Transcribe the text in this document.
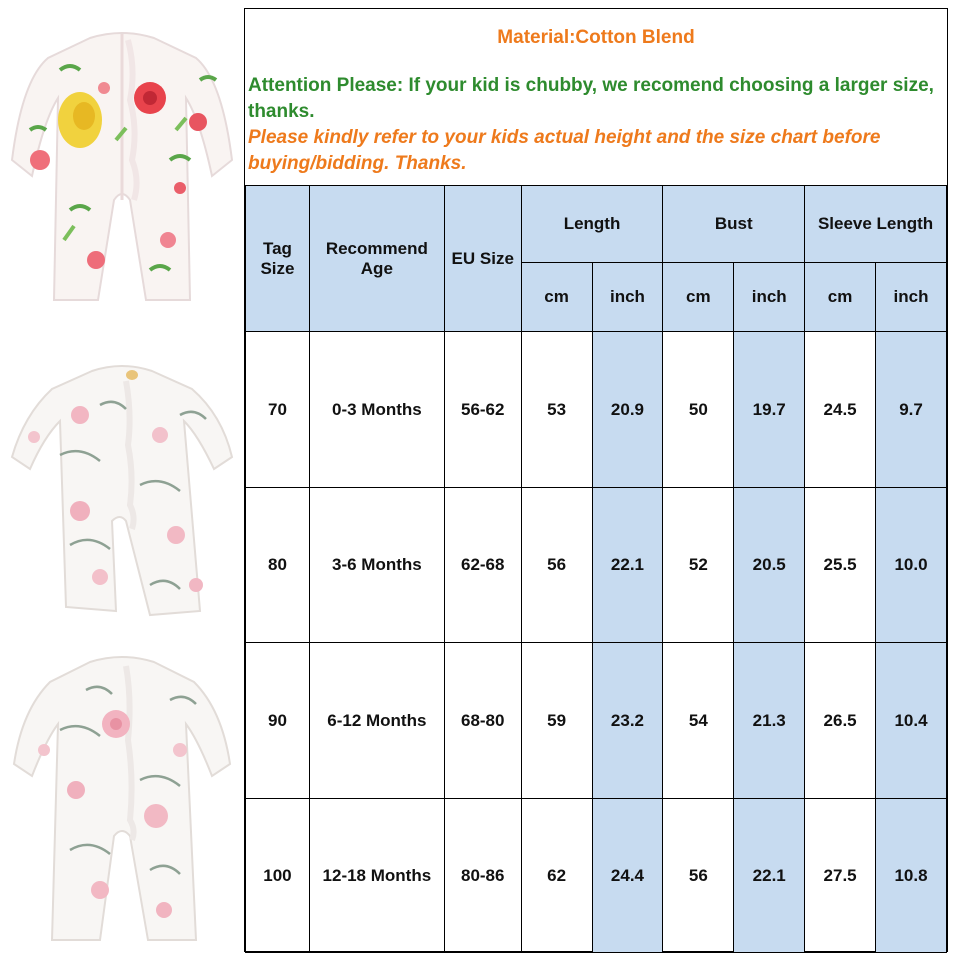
Material:Cotton Blend
Attention Please: If your kid is chubby, we recomend choosing a larger size, thanks.
Please kindly refer to your kids actual height and the size chart before buying/bidding. Thanks.
Tag Size	Recommend Age	EU Size	Length		Bust		Sleeve Length	
			cm	inch	cm	inch	cm	inch
70	0-3 Months	56-62	53	20.9	50	19.7	24.5	9.7
80	3-6 Months	62-68	56	22.1	52	20.5	25.5	10.0
90	6-12 Months	68-80	59	23.2	54	21.3	26.5	10.4
100	12-18 Months	80-86	62	24.4	56	22.1	27.5	10.8
